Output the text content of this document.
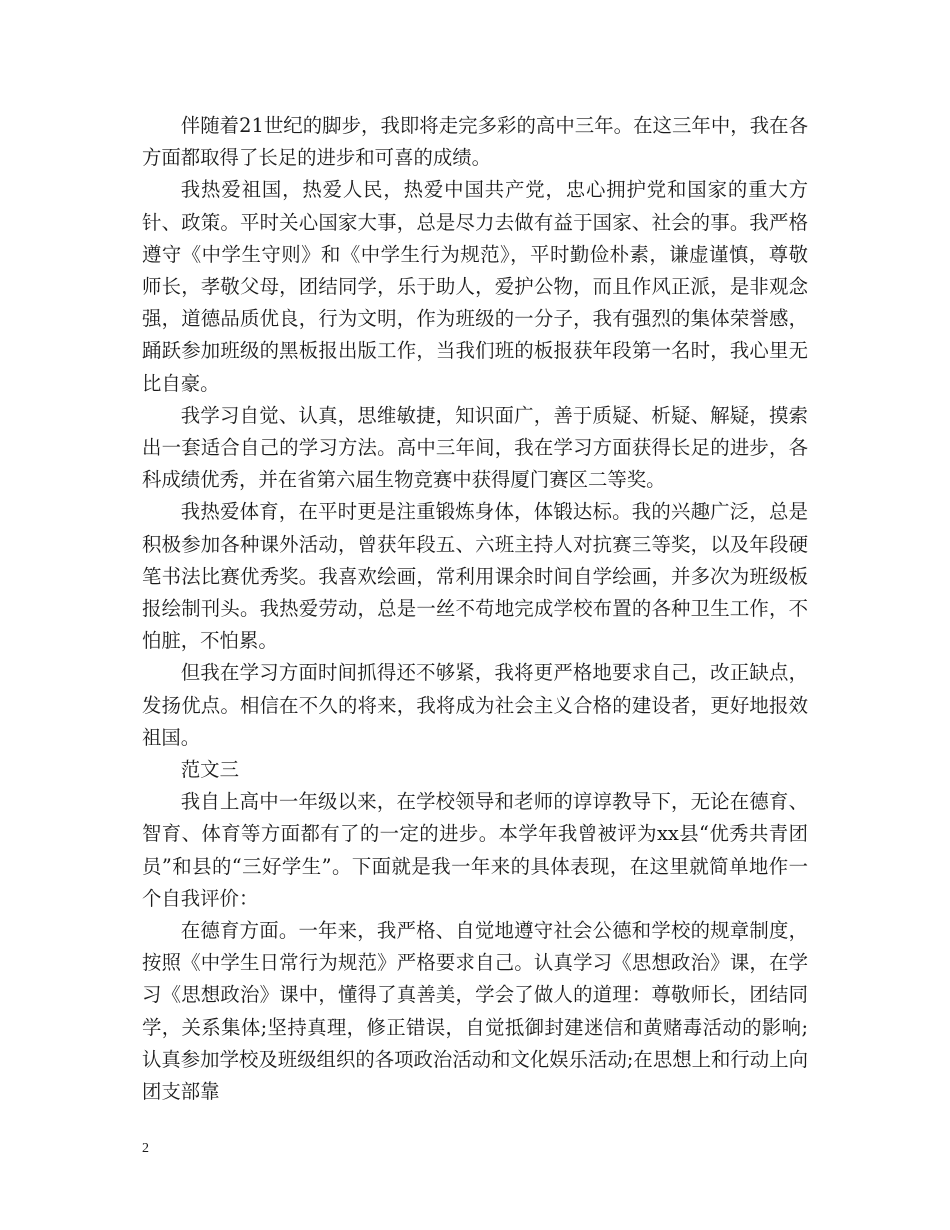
伴随着21世纪的脚步，我即将走完多彩的高中三年。在这三年中，我在各方面都取得了长足的进步和可喜的成绩。

我热爱祖国，热爱人民，热爱中国共产党，忠心拥护党和国家的重大方针、政策。平时关心国家大事，总是尽力去做有益于国家、社会的事。我严格遵守《中学生守则》和《中学生行为规范》，平时勤俭朴素，谦虚谨慎，尊敬师长，孝敬父母，团结同学，乐于助人，爱护公物，而且作风正派，是非观念强，道德品质优良，行为文明，作为班级的一分子，我有强烈的集体荣誉感，踊跃参加班级的黑板报出版工作，当我们班的板报获年段第一名时，我心里无比自豪。

我学习自觉、认真，思维敏捷，知识面广，善于质疑、析疑、解疑，摸索出一套适合自己的学习方法。高中三年间，我在学习方面获得长足的进步，各科成绩优秀，并在省第六届生物竞赛中获得厦门赛区二等奖。

我热爱体育，在平时更是注重锻炼身体，体锻达标。我的兴趣广泛，总是积极参加各种课外活动，曾获年段五、六班主持人对抗赛三等奖，以及年段硬笔书法比赛优秀奖。我喜欢绘画，常利用课余时间自学绘画，并多次为班级板报绘制刊头。我热爱劳动，总是一丝不苟地完成学校布置的各种卫生工作，不怕脏，不怕累。

但我在学习方面时间抓得还不够紧，我将更严格地要求自己，改正缺点，发扬优点。相信在不久的将来，我将成为社会主义合格的建设者，更好地报效祖国。

范文三

我自上高中一年级以来，在学校领导和老师的谆谆教导下，无论在德育、智育、体育等方面都有了的一定的进步。本学年我曾被评为xx县“优秀共青团员”和县的“三好学生”。下面就是我一年来的具体表现，在这里就简单地作一个自我评价：

在德育方面。一年来，我严格、自觉地遵守社会公德和学校的规章制度，按照《中学生日常行为规范》严格要求自己。认真学习《思想政治》课，在学习《思想政治》课中，懂得了真善美，学会了做人的道理：尊敬师长，团结同学，关系集体;坚持真理，修正错误，自觉抵御封建迷信和黄赌毒活动的影响;认真参加学校及班级组织的各项政治活动和文化娱乐活动;在思想上和行动上向团支部靠

2
